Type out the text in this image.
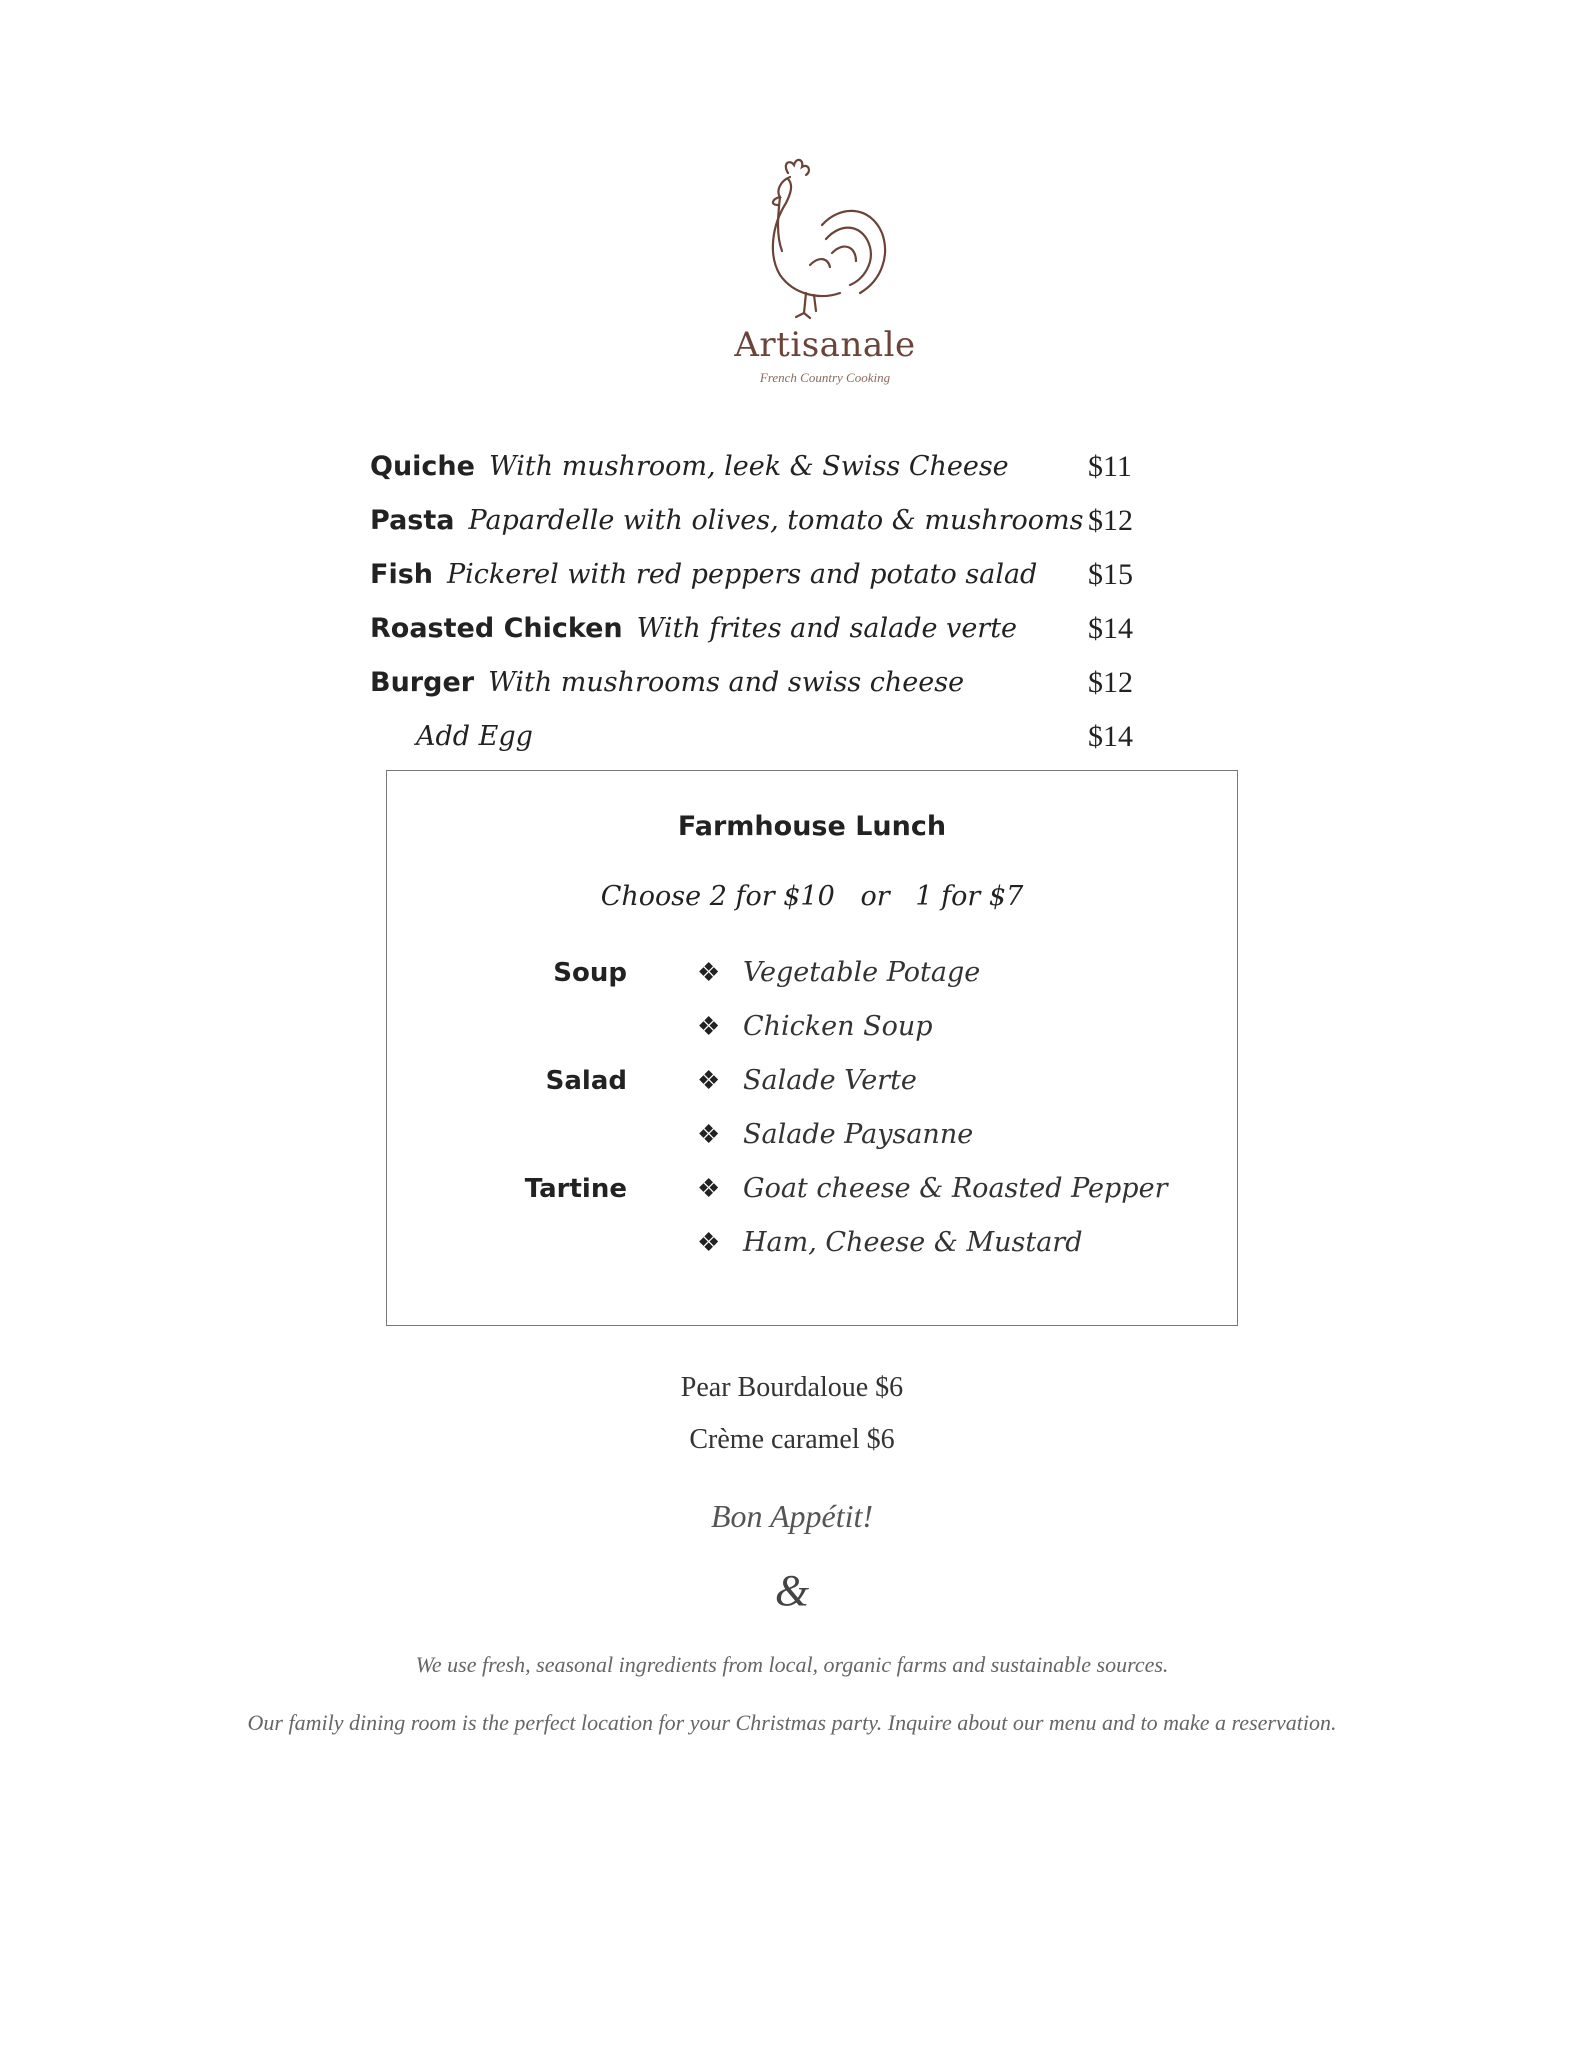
Artisanale
French Country Cooking
Quiche With mushroom, leek & Swiss Cheese	$11
Pasta Papardelle with olives, tomato & mushrooms $12
Fish Pickerel with red peppers and potato salad $15
Roasted Chicken With frites and salade verte $14
Burger With mushrooms and swiss cheese	$12
Add Egg	$14
Farmhouse Lunch
Choose 2 for $10   or   1 for $7
Soup	❖ Vegetable Potage
❖ Chicken Soup
Salad	❖ Salade Verte
❖ Salade Paysanne
Tartine	❖ Goat cheese & Roasted Pepper
❖ Ham, Cheese & Mustard
Pear Bourdaloue $6
Crème caramel $6
Bon Appétit!
&
We use fresh, seasonal ingredients from local, organic farms and sustainable sources.
Our family dining room is the perfect location for your Christmas party. Inquire about our menu and to make a reservation.
